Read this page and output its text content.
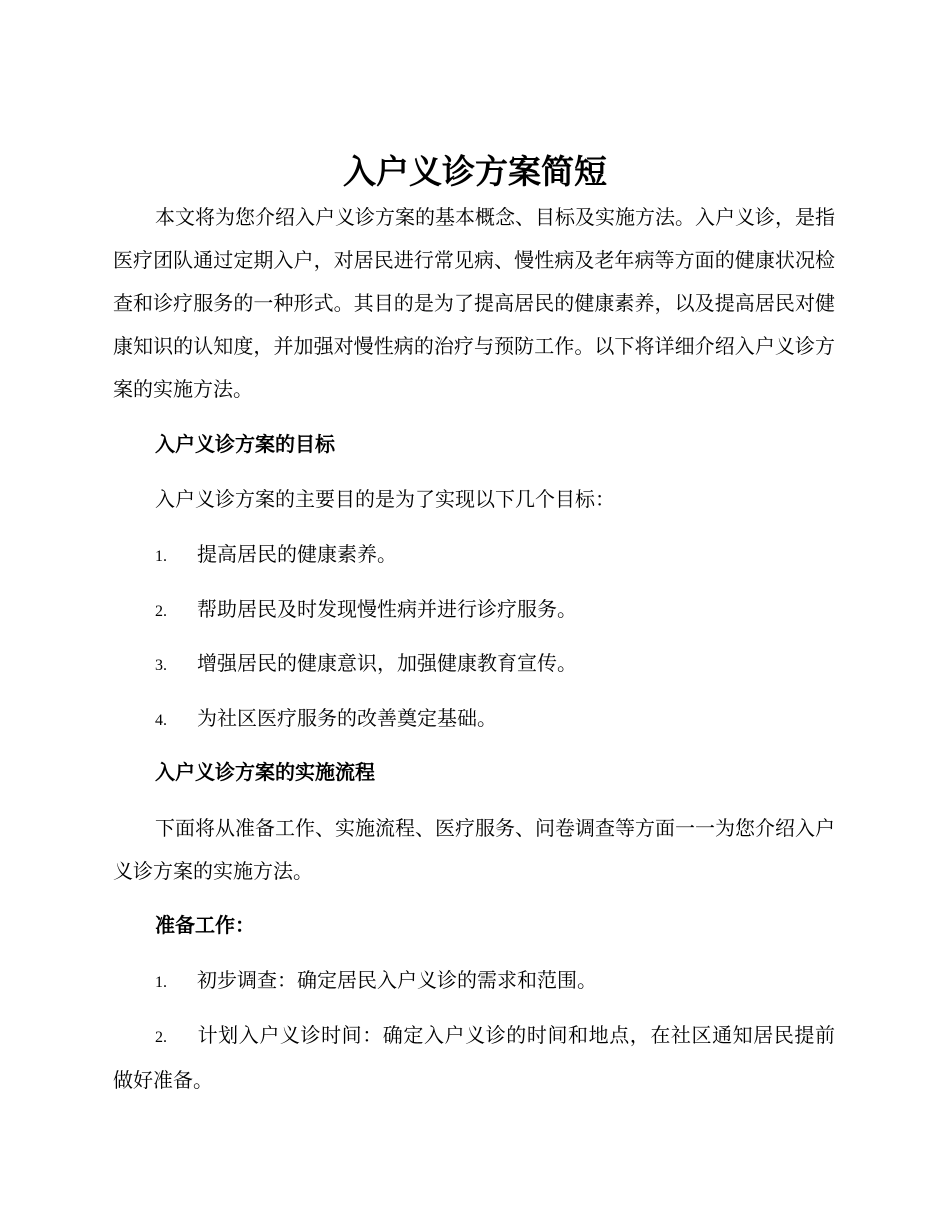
入户义诊方案简短

本文将为您介绍入户义诊方案的基本概念、目标及实施方法。入户义诊，是指医疗团队通过定期入户，对居民进行常见病、慢性病及老年病等方面的健康状况检查和诊疗服务的一种形式。其目的是为了提高居民的健康素养，以及提高居民对健康知识的认知度，并加强对慢性病的治疗与预防工作。以下将详细介绍入户义诊方案的实施方法。

入户义诊方案的目标

入户义诊方案的主要目的是为了实现以下几个目标：

1. 提高居民的健康素养。

2. 帮助居民及时发现慢性病并进行诊疗服务。

3. 增强居民的健康意识，加强健康教育宣传。

4. 为社区医疗服务的改善奠定基础。

入户义诊方案的实施流程

下面将从准备工作、实施流程、医疗服务、问卷调查等方面一一为您介绍入户义诊方案的实施方法。

准备工作：

1. 初步调查：确定居民入户义诊的需求和范围。

2. 计划入户义诊时间：确定入户义诊的时间和地点，在社区通知居民提前做好准备。
